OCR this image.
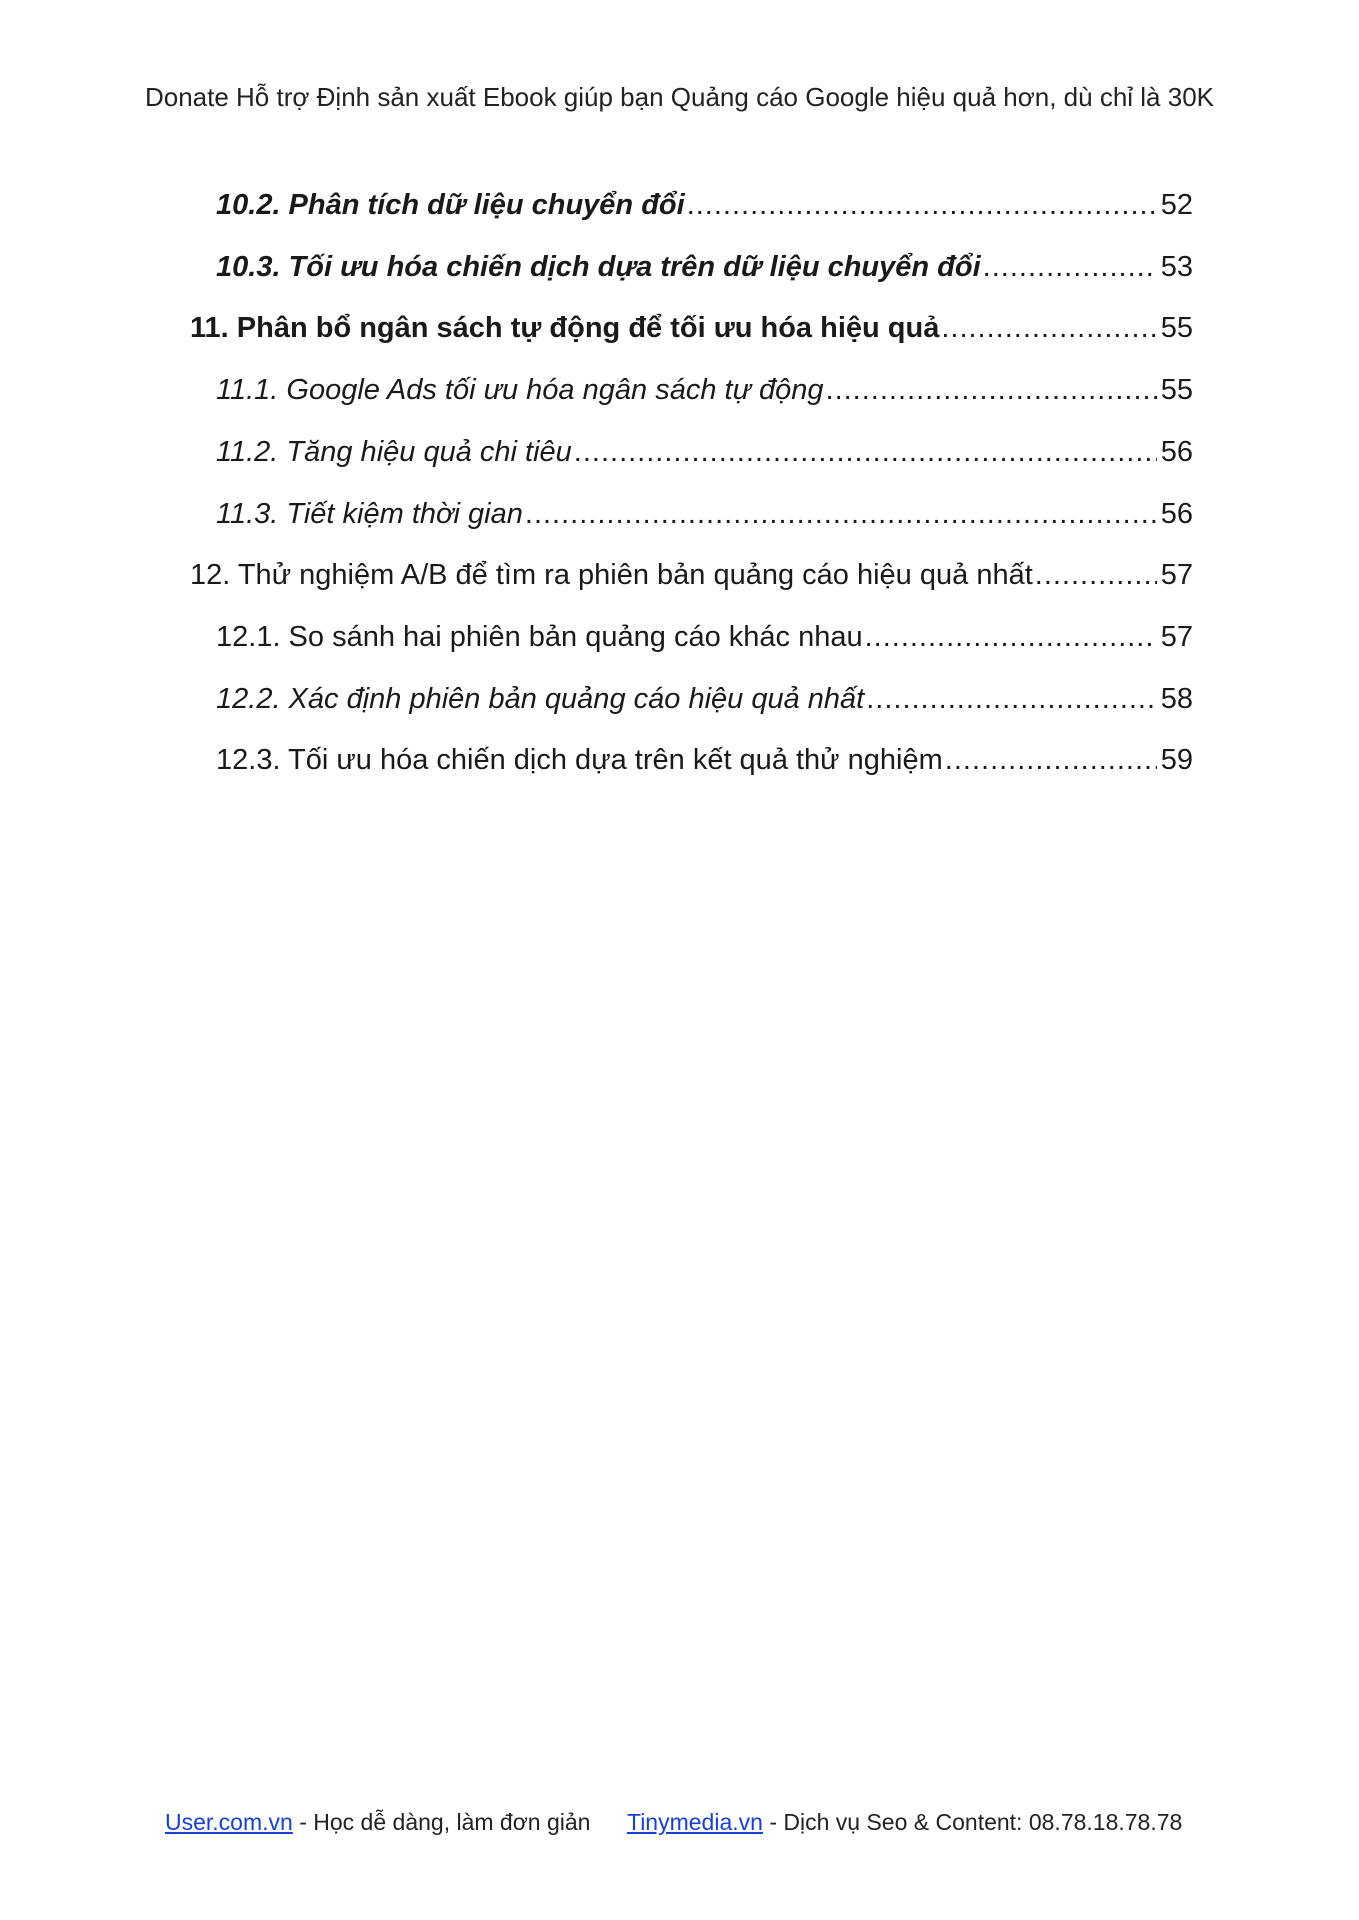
Donate Hỗ trợ Định sản xuất Ebook giúp bạn Quảng cáo Google hiệu quả hơn, dù chỉ là 30K
10.2. Phân tích dữ liệu chuyển đổi .....	52
10.3. Tối ưu hóa chiến dịch dựa trên dữ liệu chuyển đổi .....	53
11. Phân bổ ngân sách tự động để tối ưu hóa hiệu quả .....	55
11.1. Google Ads tối ưu hóa ngân sách tự động .....	55
11.2. Tăng hiệu quả chi tiêu .....	56
11.3. Tiết kiệm thời gian .....	56
12. Thử nghiệm A/B để tìm ra phiên bản quảng cáo hiệu quả nhất .....	57
12.1. So sánh hai phiên bản quảng cáo khác nhau .....	57
12.2. Xác định phiên bản quảng cáo hiệu quả nhất .....	58
12.3. Tối ưu hóa chiến dịch dựa trên kết quả thử nghiệm .....	59
User.com.vn - Học dễ dàng, làm đơn giản Tinymedia.vn - Dịch vụ Seo & Content: 08.78.18.78.78
